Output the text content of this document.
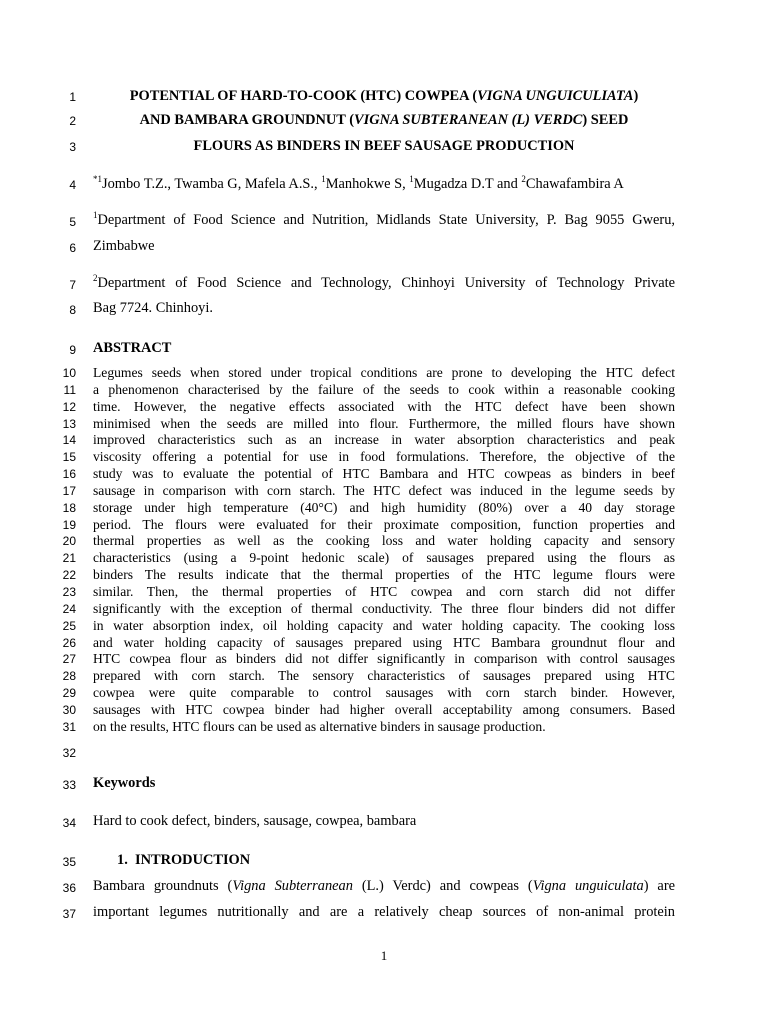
1	POTENTIAL OF HARD-TO-COOK (HTC) COWPEA (VIGNA UNGUICULIATA)
2	AND BAMBARA GROUNDNUT (VIGNA SUBTERANEAN (L) VERDC) SEED
3	FLOURS AS BINDERS IN BEEF SAUSAGE PRODUCTION
4 $^{*1}$Jombo T.Z., Twamba G, Mafela A.S., $^1$Manhokwe S, $^1$Mugadza D.T and $^2$Chawafambira A
5 $^1$Department of Food Science and Nutrition, Midlands State University, P. Bag 9055 Gweru,
6 Zimbabwe
7 $^2$Department of Food Science and Technology, Chinhoyi University of Technology Private
8 Bag 7724. Chinhoyi.
9 ABSTRACT
10
11
12
13
14
15
16
17
18
19
20
21
22
23
24
25
26
27
28
29
30
31
Legumes seeds when stored under tropical conditions are prone to developing the HTC defect
a phenomenon characterised by the failure of the seeds to cook within a reasonable cooking
time. However, the negative effects associated with the HTC defect have been shown
minimised when the seeds are milled into flour. Furthermore, the milled flours have shown
improved characteristics such as an increase in water absorption characteristics and peak
viscosity offering a potential for use in food formulations. Therefore, the objective of the
study was to evaluate the potential of HTC Bambara and HTC cowpeas as binders in beef
sausage in comparison with corn starch. The HTC defect was induced in the legume seeds by
storage under high temperature (40°C) and high humidity (80%) over a 40 day storage
period. The flours were evaluated for their proximate composition, function properties and
thermal properties as well as the cooking loss and water holding capacity and sensory
characteristics (using a 9-point hedonic scale) of sausages prepared using the flours as
binders The results indicate that the thermal properties of the HTC legume flours were
similar. Then, the thermal properties of HTC cowpea and corn starch did not differ
significantly with the exception of thermal conductivity. The three flour binders did not differ
in water absorption index, oil holding capacity and water holding capacity. The cooking loss
and water holding capacity of sausages prepared using HTC Bambara groundnut flour and
HTC cowpea flour as binders did not differ significantly in comparison with control sausages
prepared with corn starch. The sensory characteristics of sausages prepared using HTC
cowpea were quite comparable to control sausages with corn starch binder. However,
sausages with HTC cowpea binder had higher overall acceptability among consumers. Based
on the results, HTC flours can be used as alternative binders in sausage production.
32
33 Keywords
34 Hard to cook defect, binders, sausage, cowpea, bambara
35	1. INTRODUCTION
36 Bambara groundnuts (Vigna Subterranean (L.) Verdc) and cowpeas (Vigna unguiculata) are
37 important legumes nutritionally and are a relatively cheap sources of non-animal protein
1
